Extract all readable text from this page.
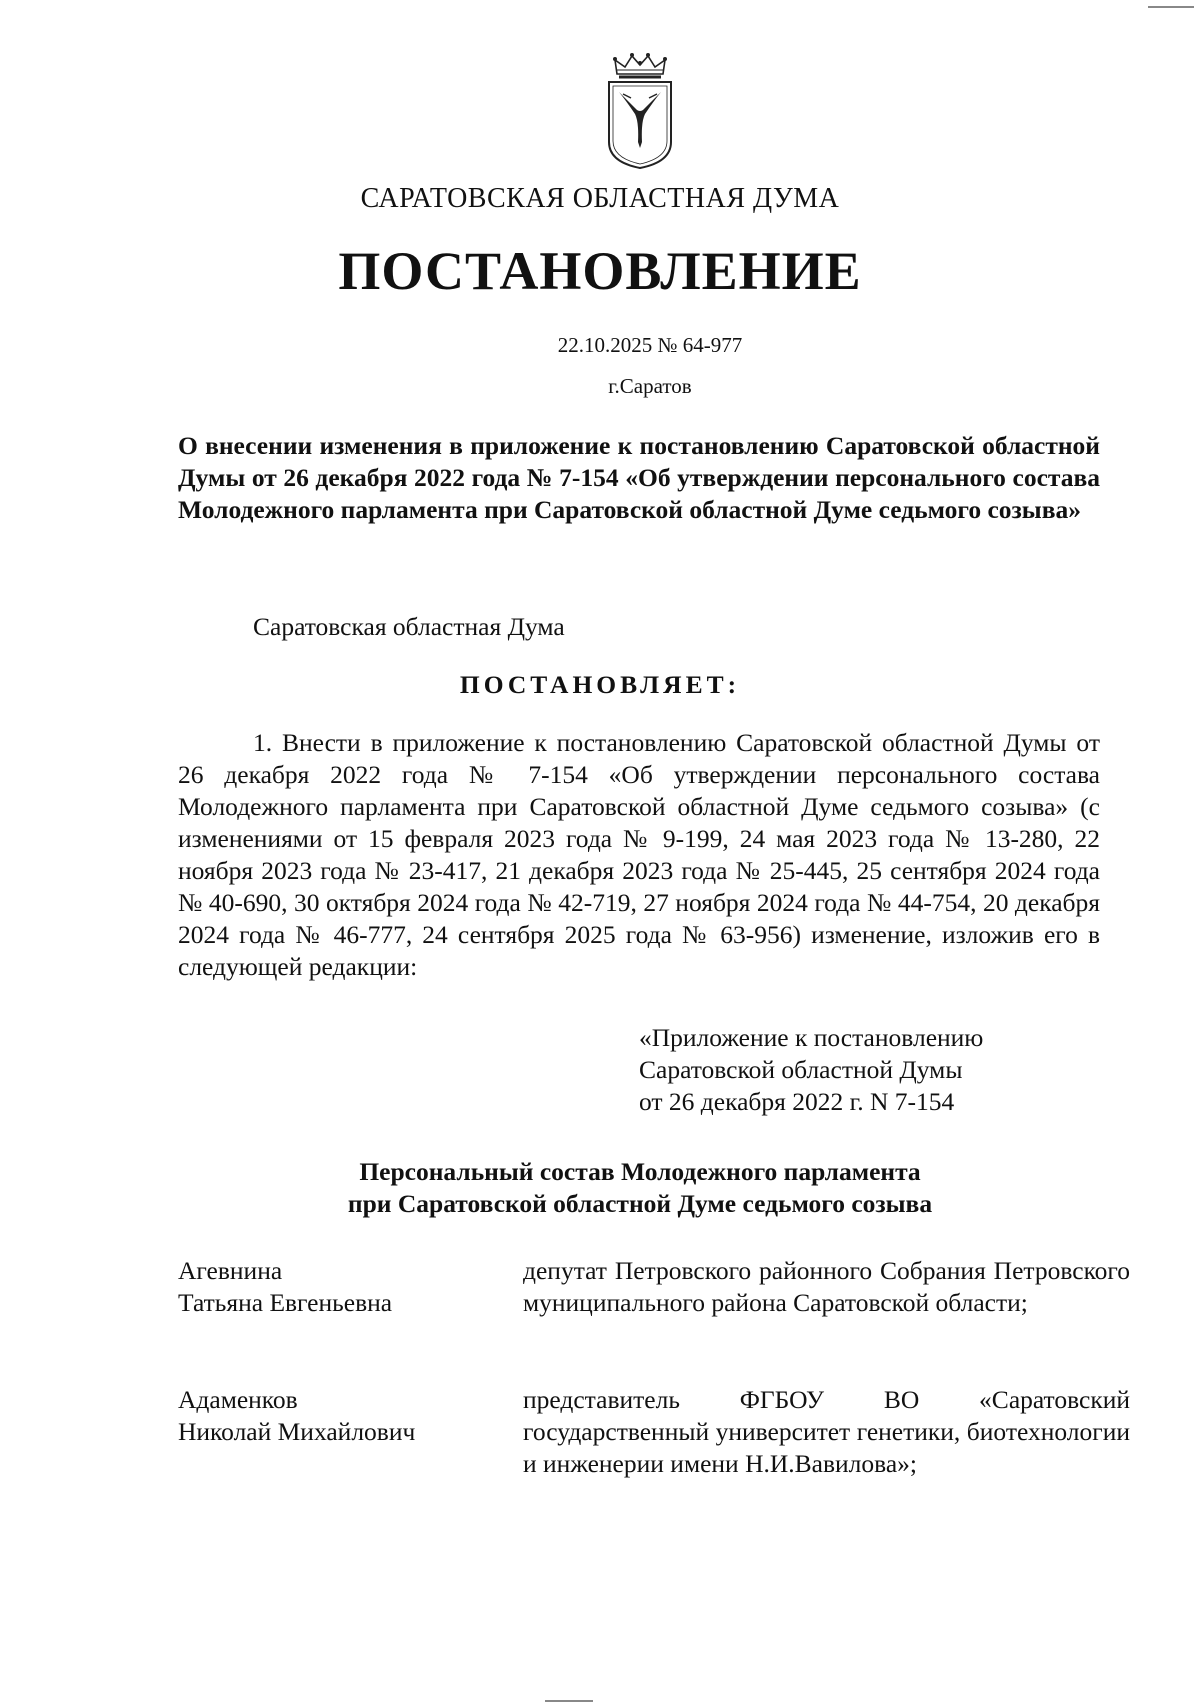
САРАТОВСКАЯ ОБЛАСТНАЯ ДУМА
ПОСТАНОВЛЕНИЕ
22.10.2025 № 64-977
г.Саратов
О внесении изменения в приложение к постановлению Саратовской областной Думы от 26 декабря 2022 года № 7-154 «Об утверждении персонального состава Молодежного парламента при Саратовской областной Думе седьмого созыва»
Саратовская областная Дума
ПОСТАНОВЛЯЕТ:
1. Внести в приложение к постановлению Саратовской областной Думы от 26 декабря 2022 года № 7-154 «Об утверждении персонального состава Молодежного парламента при Саратовской областной Думе седьмого созыва» (с изменениями от 15 февраля 2023 года № 9-199, 24 мая 2023 года № 13-280, 22 ноября 2023 года № 23-417, 21 декабря 2023 года № 25-445, 25 сентября 2024 года № 40-690, 30 октября 2024 года № 42-719, 27 ноября 2024 года № 44-754, 20 декабря 2024 года № 46-777, 24 сентября 2025 года № 63-956) изменение, изложив его в следующей редакции:
«Приложение к постановлению
Саратовской областной Думы
от 26 декабря 2022 г. N 7-154
Персональный состав Молодежного парламента
при Саратовской областной Думе седьмого созыва
Агевнина
Татьяна Евгеньевна
депутат Петровского районного Собрания Петровского муниципального района Саратовской области;
Адаменков
Николай Михайлович
представитель ФГБОУ ВО «Саратовский государственный университет генетики, биотехнологии и инженерии имени Н.И.Вавилова»;
